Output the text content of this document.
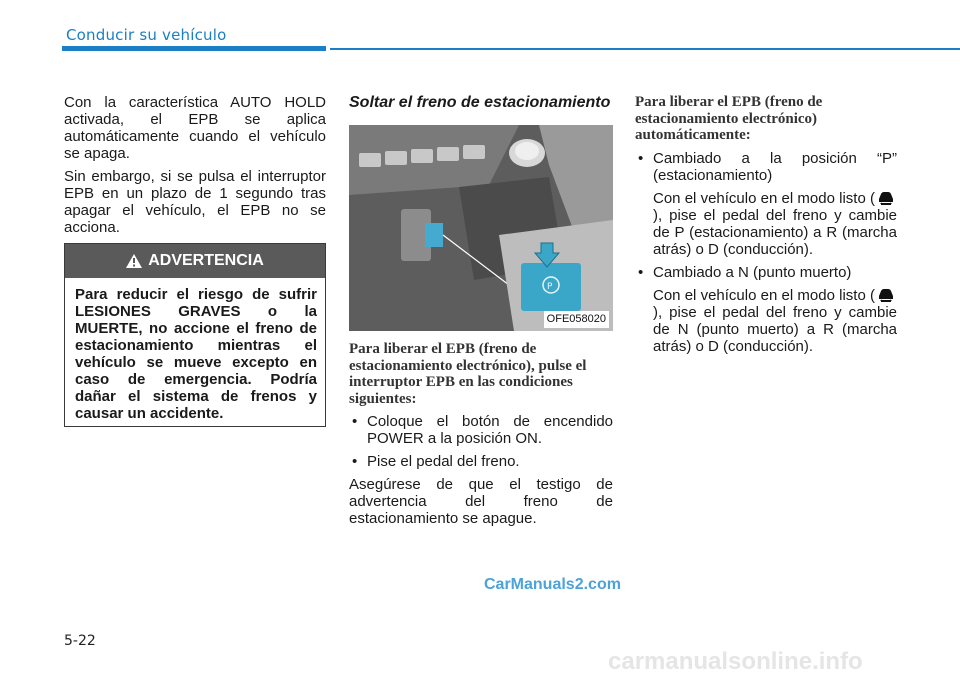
Conducir su vehículo

Con la característica AUTO HOLD activada, el EPB se aplica automáticamente cuando el vehículo se apaga.

Sin embargo, si se pulsa el interruptor EPB en un plazo de 1 segundo tras apagar el vehículo, el EPB no se acciona.

ADVERTENCIA
Para reducir el riesgo de sufrir LESIONES GRAVES o la MUERTE, no accione el freno de estacionamiento mientras el vehículo se mueve excepto en caso de emergencia. Podría dañar el sistema de frenos y causar un accidente.
Soltar el freno de estacionamiento
P
OFE058020
Para liberar el EPB (freno de estacionamiento electrónico), pulse el interruptor EPB en las condiciones siguientes:
• Coloque el botón de encendido POWER a la posición ON.
• Pise el pedal del freno.

Asegúrese de que el testigo de advertencia del freno de estacionamiento se apague.

Para liberar el EPB (freno de estacionamiento electrónico) automáticamente:
• Cambiado a la posición “P” (estacionamiento)

Con el vehículo en el modo listo (), pise el pedal del freno y cambie de P (estacionamiento) a R (marcha atrás) o D (conducción).

• Cambiado a N (punto muerto)

Con el vehículo en el modo listo (), pise el pedal del freno y cambie de N (punto muerto) a R (marcha atrás) o D (conducción).

CarManuals2.com
5-22
carmanualsonline.info
